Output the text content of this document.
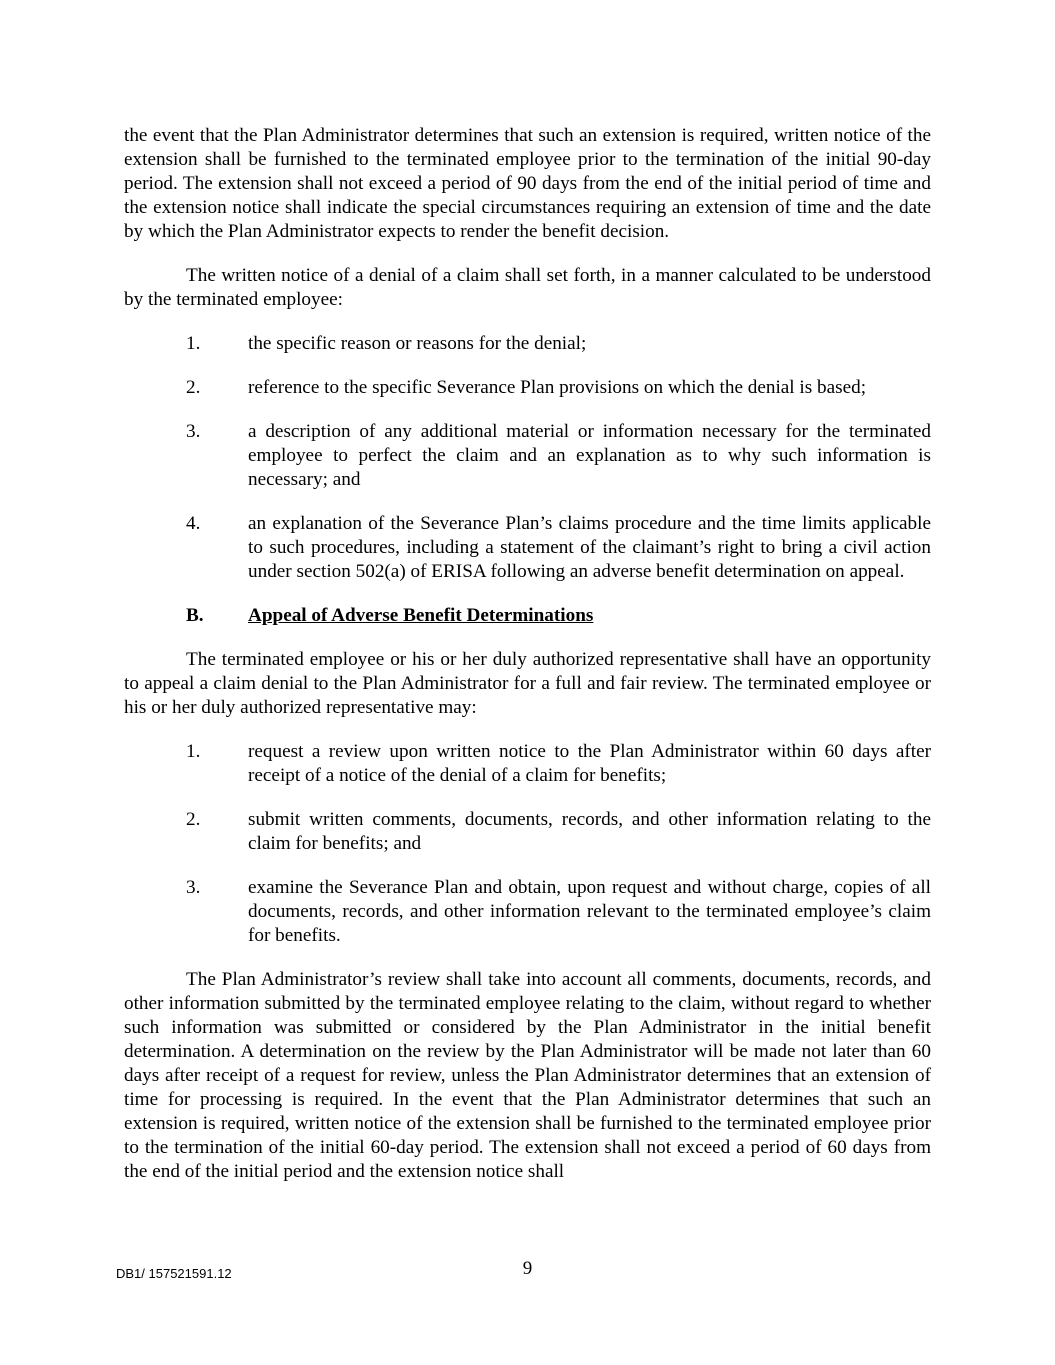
the event that the Plan Administrator determines that such an extension is required, written notice of the extension shall be furnished to the terminated employee prior to the termination of the initial 90-day period. The extension shall not exceed a period of 90 days from the end of the initial period of time and the extension notice shall indicate the special circumstances requiring an extension of time and the date by which the Plan Administrator expects to render the benefit decision.

The written notice of a denial of a claim shall set forth, in a manner calculated to be understood by the terminated employee:

1.	the specific reason or reasons for the denial;
2.	reference to the specific Severance Plan provisions on which the denial is based;
3.	a description of any additional material or information necessary for the terminated employee to perfect the claim and an explanation as to why such information is necessary; and
4.	an explanation of the Severance Plan’s claims procedure and the time limits applicable to such procedures, including a statement of the claimant’s right to bring a civil action under section 502(a) of ERISA following an adverse benefit determination on appeal.
B.	Appeal of Adverse Benefit Determinations

The terminated employee or his or her duly authorized representative shall have an opportunity to appeal a claim denial to the Plan Administrator for a full and fair review. The terminated employee or his or her duly authorized representative may:

1.	request a review upon written notice to the Plan Administrator within 60 days after receipt of a notice of the denial of a claim for benefits;
2.	submit written comments, documents, records, and other information relating to the claim for benefits; and
3.	examine the Severance Plan and obtain, upon request and without charge, copies of all documents, records, and other information relevant to the terminated employee’s claim for benefits.

The Plan Administrator’s review shall take into account all comments, documents, records, and other information submitted by the terminated employee relating to the claim, without regard to whether such information was submitted or considered by the Plan Administrator in the initial benefit determination. A determination on the review by the Plan Administrator will be made not later than 60 days after receipt of a request for review, unless the Plan Administrator determines that an extension of time for processing is required. In the event that the Plan Administrator determines that such an extension is required, written notice of the extension shall be furnished to the terminated employee prior to the termination of the initial 60-day period. The extension shall not exceed a period of 60 days from the end of the initial period and the extension notice shall

DB1/ 157521591.12	9
